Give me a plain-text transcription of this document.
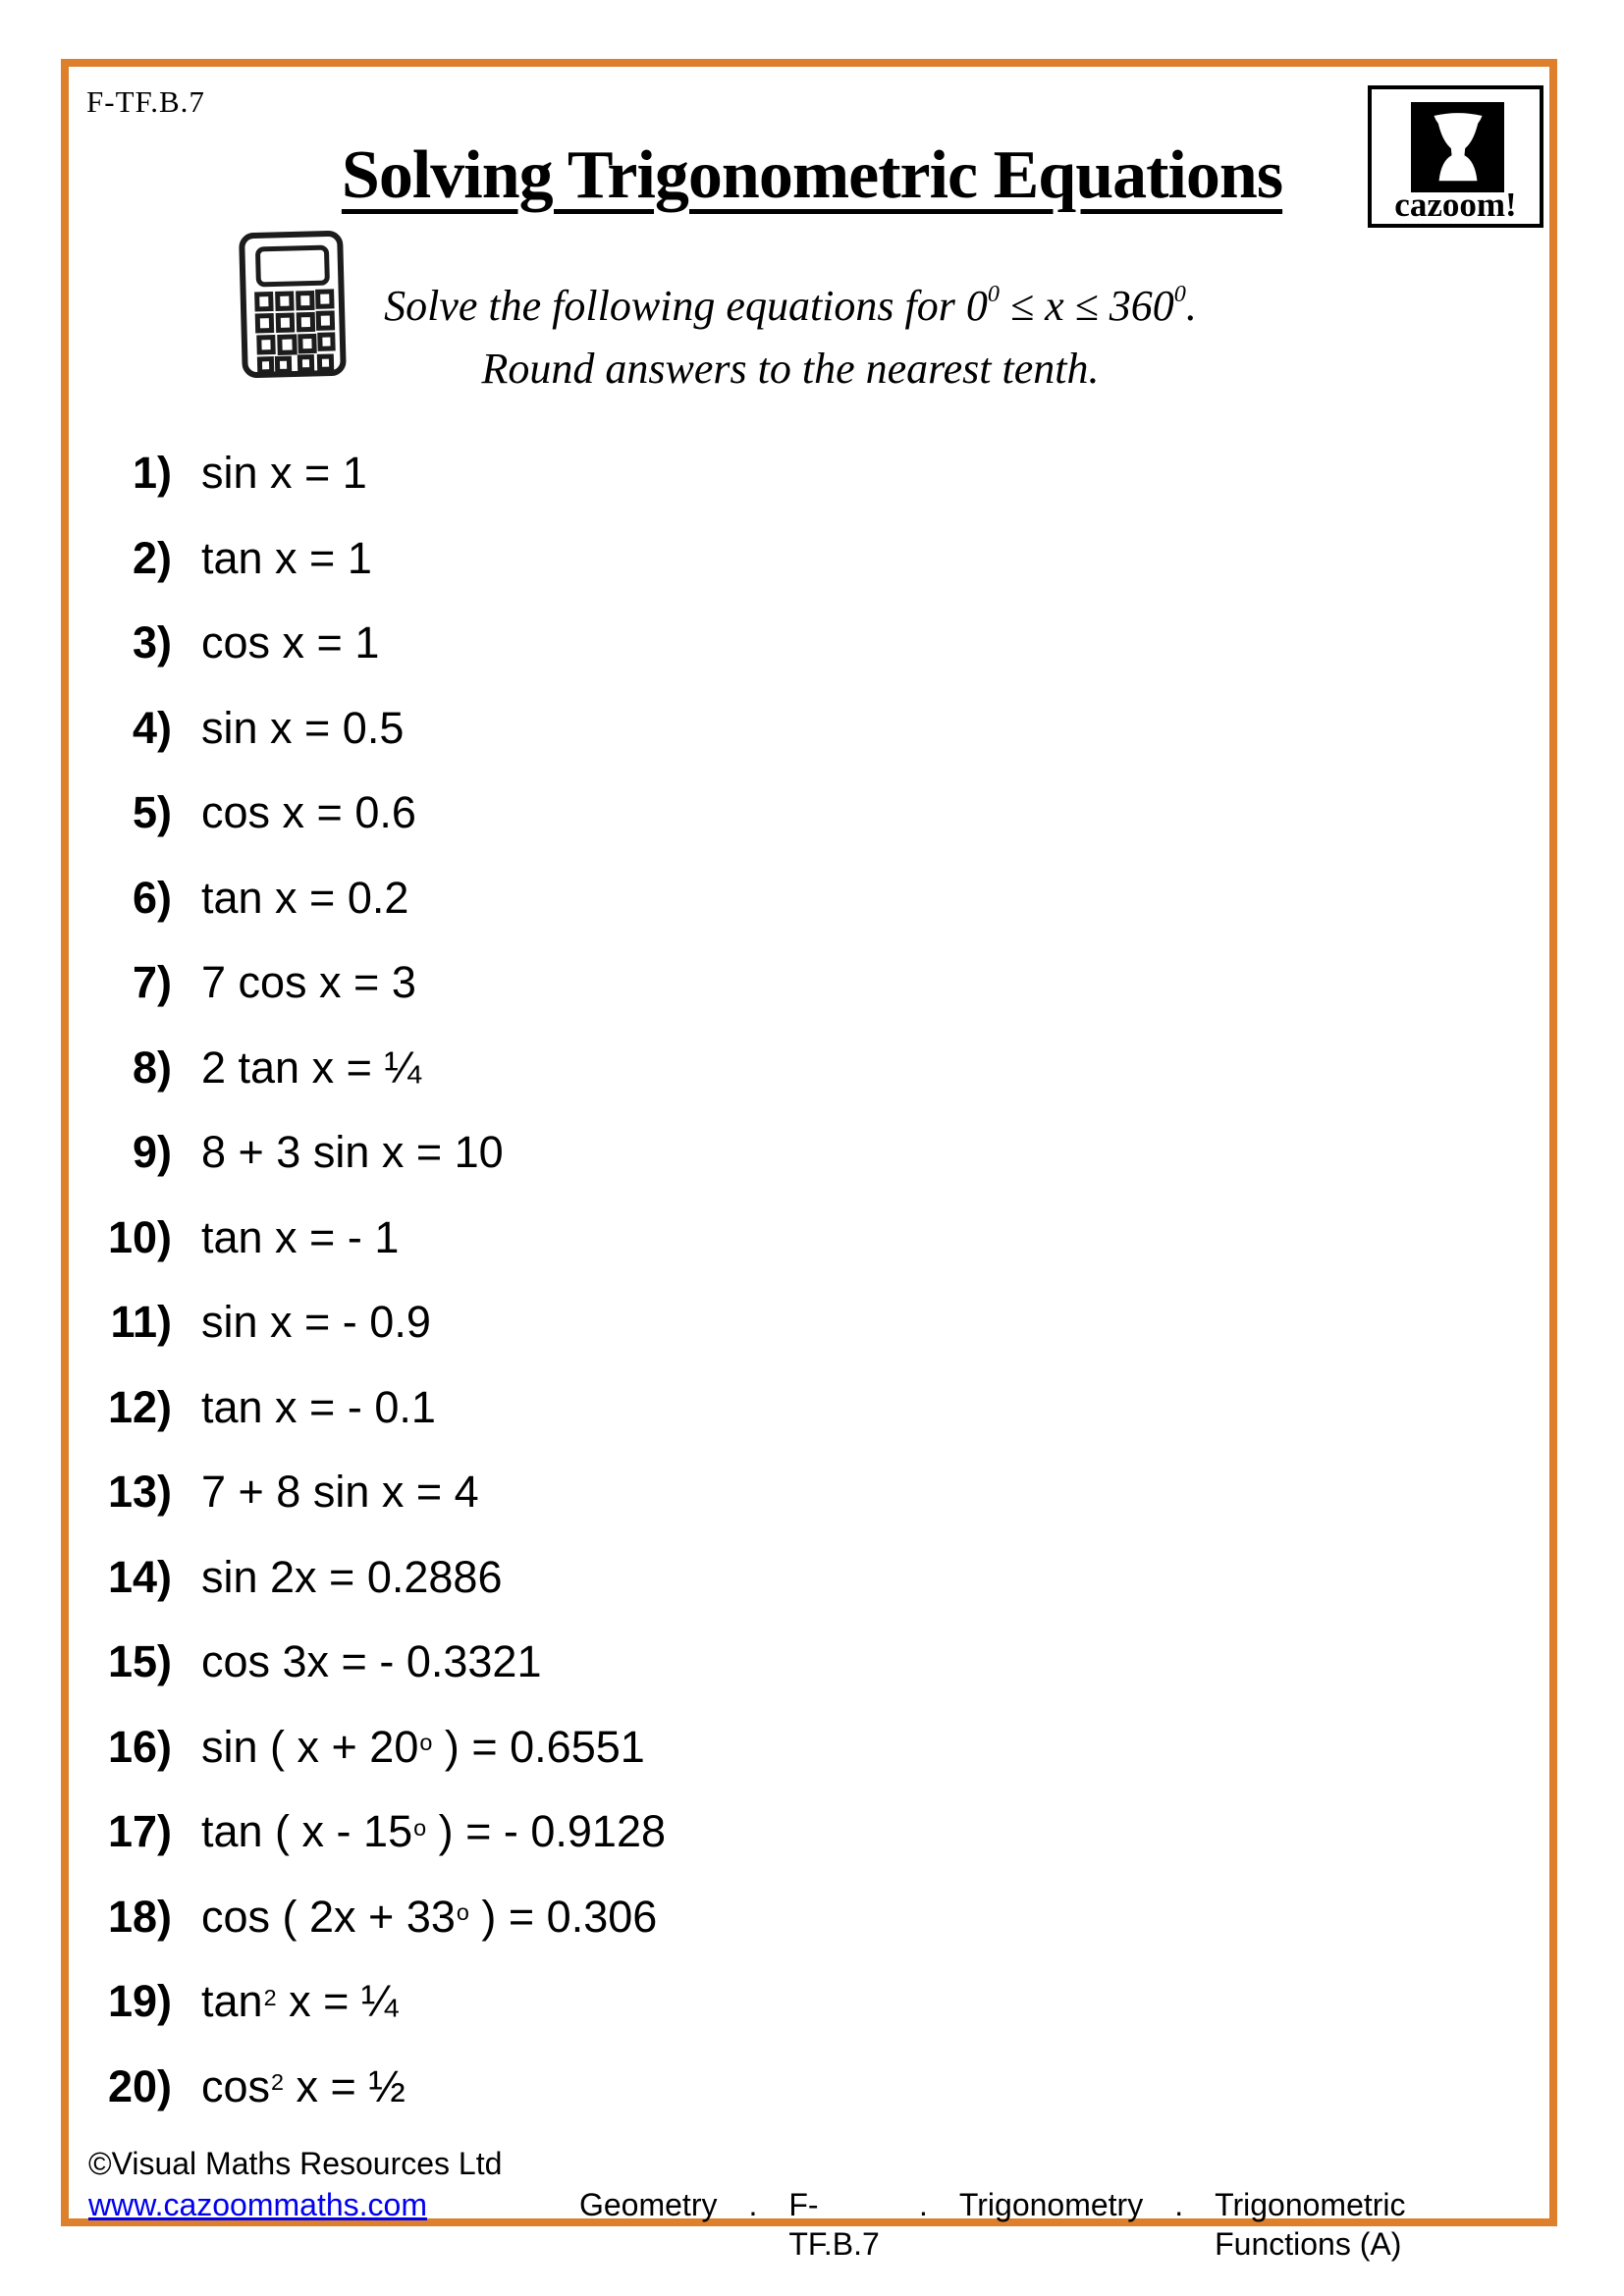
F-TF.B.7
Solving Trigonometric Equations	cazoom!
Solve the following equations for $0^0 \le x \le 360^0$.
Round answers to the nearest tenth.
1) sin x = 1
2) tan x = 1
3) cos x = 1
4) sin x = 0.5
5) cos x = 0.6
6) tan x = 0.2
7) 7 cos x = 3
8) 2 tan x = ¼
9) 8 + 3 sin x = 10
10) tan x = - 1
11) sin x = - 0.9
12) tan x = - 0.1
13) 7 + 8 sin x = 4
14) sin 2x = 0.2886
15) cos 3x = - 0.3321
16) sin ( $x + 20^o$ ) = 0.6551
17) tan ( x - 15$^o$ ) = - 0.9128
18) cos ( $2x + 33^o$ ) = 0.306
19) $\tan^2 x$ = ¼
20) $\cos^2 x$ = ½
©Visual Maths Resources Ltd
www.cazoommaths.com	Geometry . F-TF.B.7
. Trigonometry . Trigonometric Functions (A)
